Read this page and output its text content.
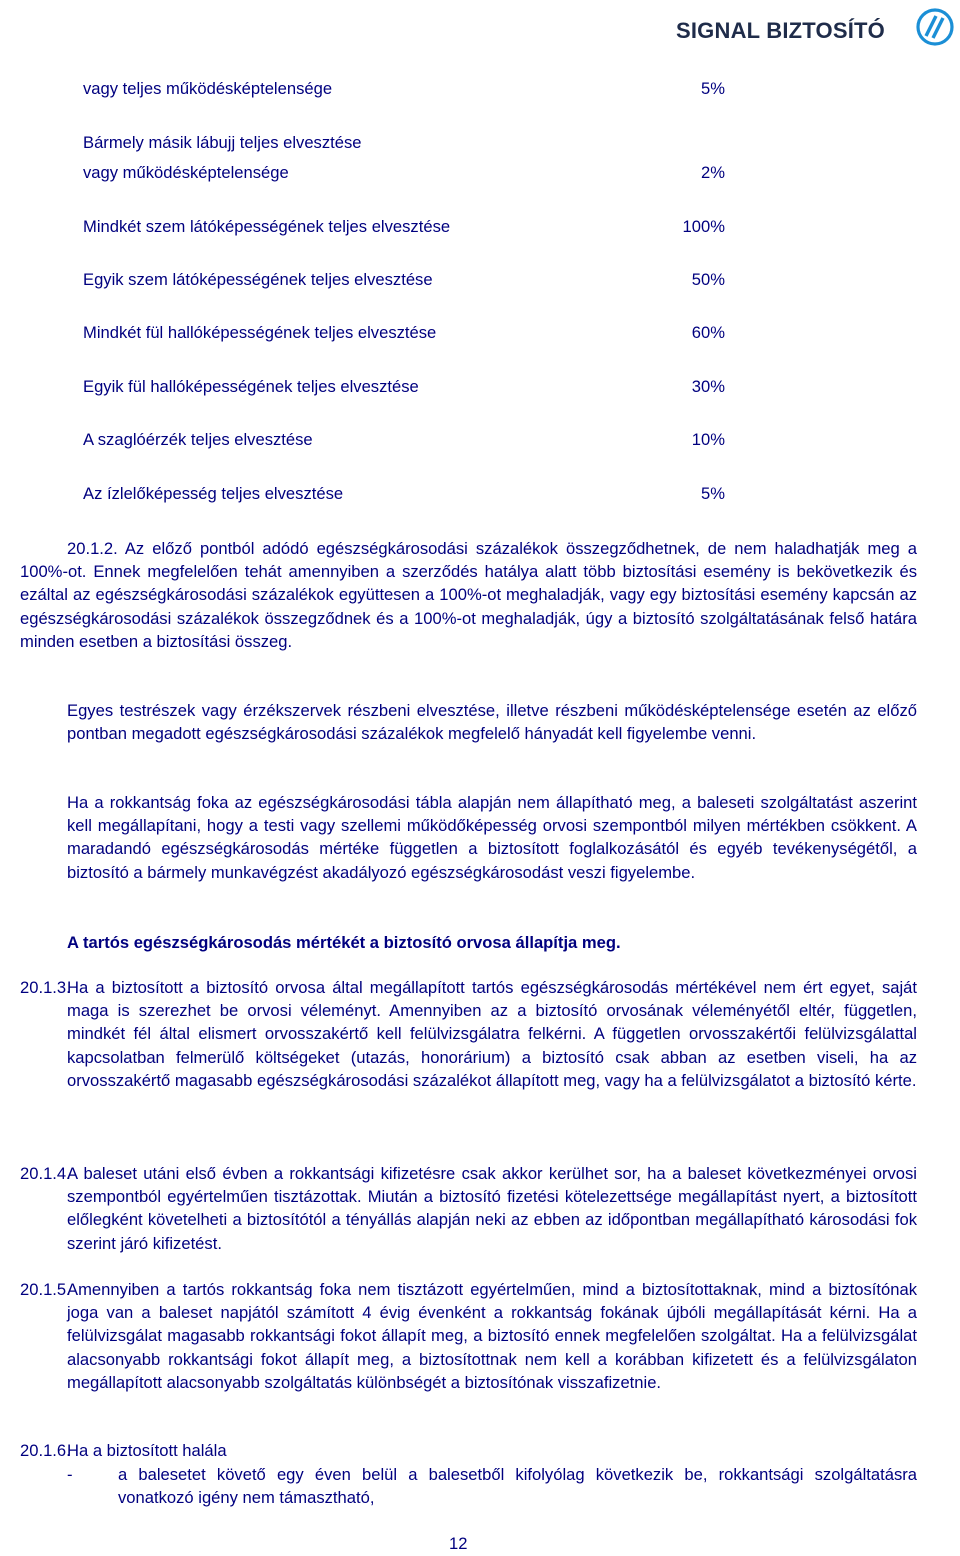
SIGNAL BIZTOSÍTÓ
vagy teljes működésképtelensége	5%
Bármely másik lábujj teljes elvesztése
vagy működésképtelensége	2%
Mindkét szem látóképességének teljes elvesztése	100%
Egyik szem látóképességének teljes elvesztése	50%
Mindkét fül hallóképességének teljes elvesztése	60%
Egyik fül hallóképességének teljes elvesztése	30%
A szaglóérzék teljes elvesztése	10%
Az ízlelőképesség teljes elvesztése	5%
20.1.2. Az előző pontból adódó egészségkárosodási százalékok összegződhetnek, de nem haladhatják meg a 100%-ot. Ennek megfelelően tehát amennyiben a szerződés hatálya alatt több biztosítási esemény is bekövetkezik és ezáltal az egészségkárosodási százalékok együttesen a 100%-ot meghaladják, vagy egy biztosítási esemény kapcsán az egészségkárosodási százalékok összegződnek és a 100%-ot meghaladják, úgy a biztosító szolgáltatásának felső határa minden esetben a biztosítási összeg.
Egyes testrészek vagy érzékszervek részbeni elvesztése, illetve részbeni működésképtelensége esetén az előző pontban megadott egészségkárosodási százalékok megfelelő hányadát kell figyelembe venni.
Ha a rokkantság foka az egészségkárosodási tábla alapján nem állapítható meg, a baleseti szolgáltatást aszerint kell megállapítani, hogy a testi vagy szellemi működőképesség orvosi szempontból milyen mértékben csökkent. A maradandó egészségkárosodás mértéke független a biztosított foglalkozásától és egyéb tevékenységétől, a biztosító a bármely munkavégzést akadályozó egészségkárosodást veszi figyelembe.
A tartós egészségkárosodás mértékét a biztosító orvosa állapítja meg.
20.1.3.
Ha a biztosított a biztosító orvosa által megállapított tartós egészségkárosodás mértékével nem ért egyet, saját maga is szerezhet be orvosi véleményt. Amennyiben az a biztosító orvosának véleményétől eltér, független, mindkét fél által elismert orvosszakértő kell felülvizsgálatra felkérni. A független orvosszakértői felülvizsgálattal kapcsolatban felmerülő költségeket (utazás, honorárium) a biztosító csak abban az esetben viseli, ha az orvosszakértő magasabb egészségkárosodási százalékot állapított meg, vagy ha a felülvizsgálatot a biztosító kérte.
20.1.4.
A baleset utáni első évben a rokkantsági kifizetésre csak akkor kerülhet sor, ha a baleset következményei orvosi szempontból egyértelműen tisztázottak. Miután a biztosító fizetési kötelezettsége megállapítást nyert, a biztosított előlegként követelheti a biztosítótól a tényállás alapján neki az ebben az időpontban megállapítható károsodási fok szerint járó kifizetést.
20.1.5.
Amennyiben a tartós rokkantság foka nem tisztázott egyértelműen, mind a biztosítottaknak, mind a biztosítónak joga van a baleset napjától számított 4 évig évenként a rokkantság fokának újbóli megállapítását kérni. Ha a felülvizsgálat magasabb rokkantsági fokot állapít meg, a biztosító ennek megfelelően szolgáltat. Ha a felülvizsgálat alacsonyabb rokkantsági fokot állapít meg, a biztosítottnak nem kell a korábban kifizetett és a felülvizsgálaton megállapított alacsonyabb szolgáltatás különbségét a biztosítónak visszafizetnie.
20.1.6.
Ha a biztosított halála
-	a balesetet követő egy éven belül a balesetből kifolyólag következik be, rokkantsági szolgáltatásra vonatkozó igény nem támasztható,
12
